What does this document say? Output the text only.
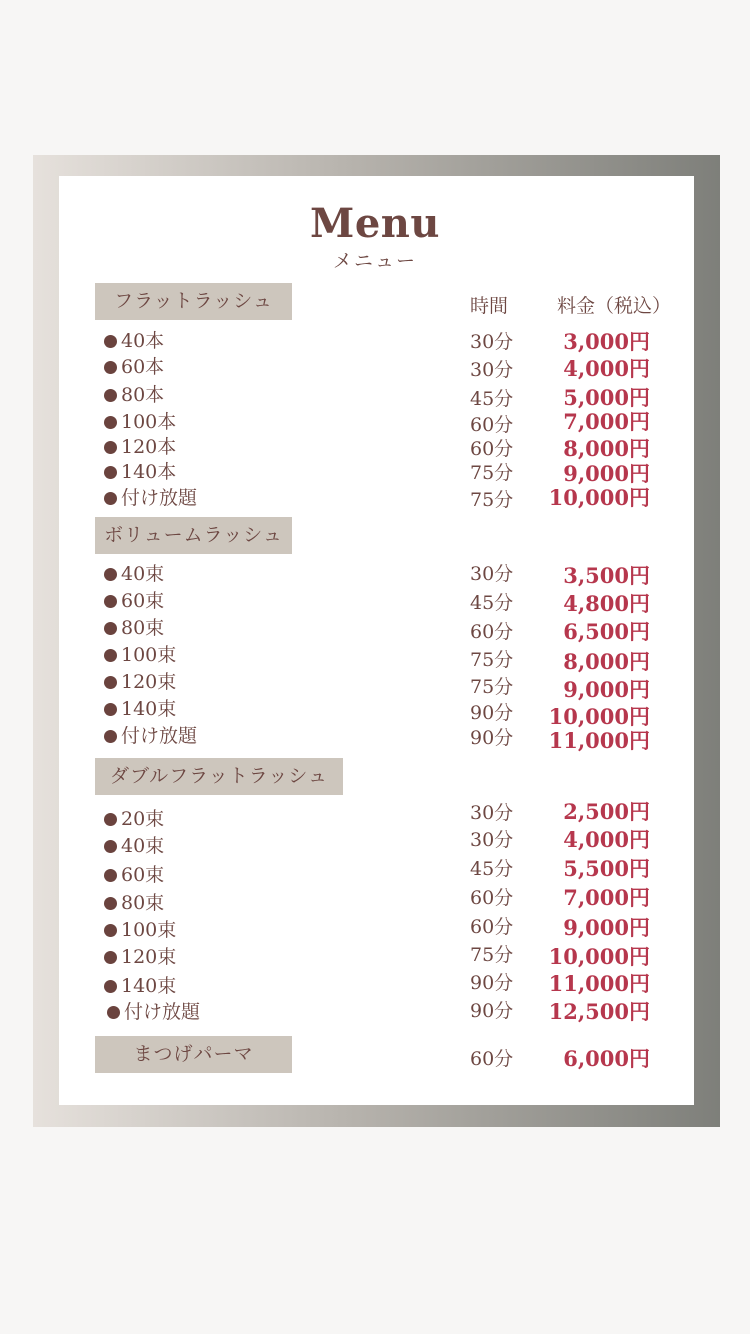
Menu
メニュー
時間	料金（税込）
フラットラッシュ
40本
60本
80本
100本
120本
140本
付け放題
30分
30分
45分
60分
60分
75分
75分
3,000円
4,000円
5,000円
7,000円
8,000円
9,000円
10,000円
ボリュームラッシュ
40束
60束
80束
100束
120束
140束
付け放題
30分
45分
60分
75分
75分
90分
90分
3,500円
4,800円
6,500円
8,000円
9,000円
10,000円
11,000円
ダブルフラットラッシュ
20束
40束
60束
80束
100束
120束
140束
付け放題
30分
30分
45分
60分
60分
75分
90分
90分
2,500円
4,000円
5,500円
7,000円
9,000円
10,000円
11,000円
12,500円
まつげパーマ	60分 6,000円
